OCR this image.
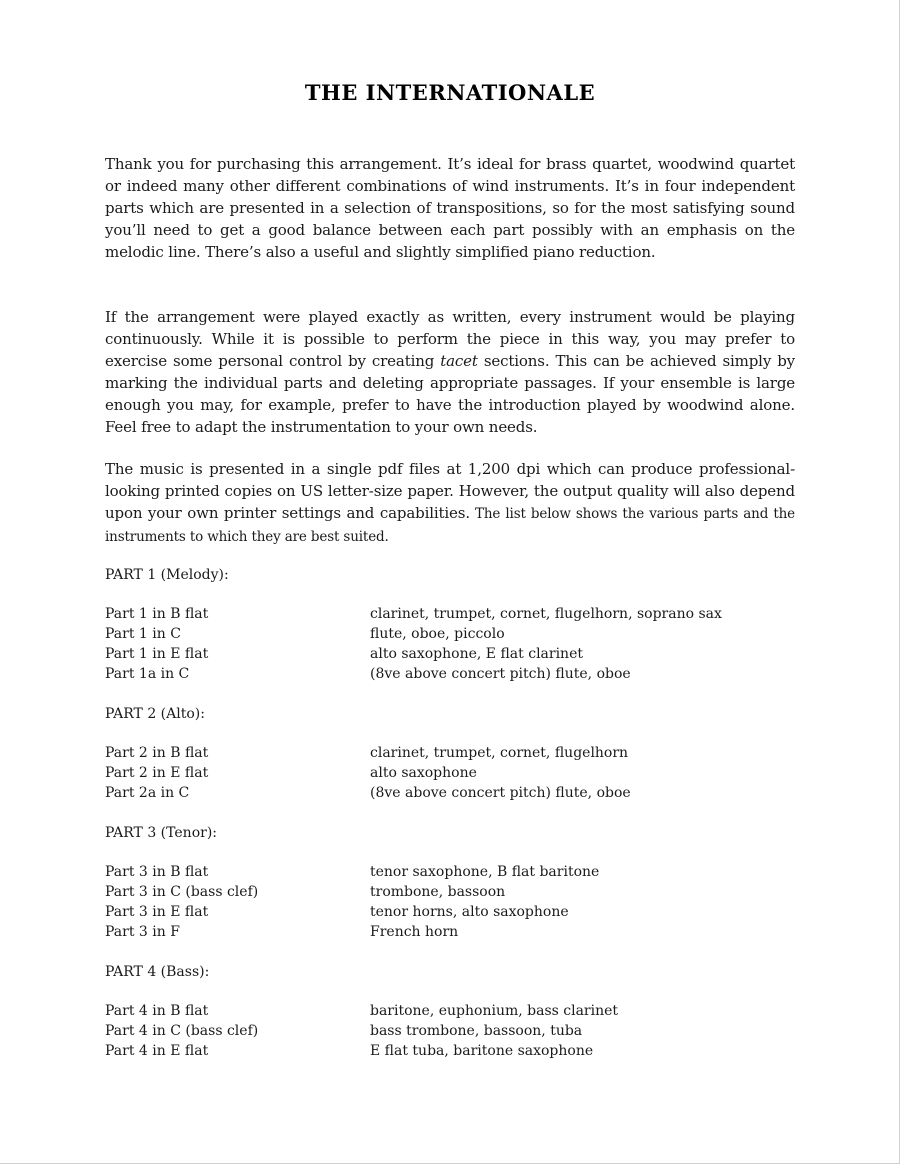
THE INTERNATIONALE

Thank you for purchasing this arrangement. It’s ideal for brass quartet, woodwind quartet or indeed many other different combinations of wind instruments. It’s in four independent parts which are presented in a selection of transpositions, so for the most satisfying sound you’ll need to get a good balance between each part possibly with an emphasis on the melodic line. There’s also a useful and slightly simplified piano reduction.

If the arrangement were played exactly as written, every instrument would be playing continuously. While it is possible to perform the piece in this way, you may prefer to exercise some personal control by creating tacet sections. This can be achieved simply by marking the individual parts and deleting appropriate passages. If your ensemble is large enough you may, for example, prefer to have the introduction played by woodwind alone. Feel free to adapt the instrumentation to your own needs.

The music is presented in a single pdf files at 1,200 dpi which can produce professional-looking printed copies on US letter-size paper. However, the output quality will also depend upon your own printer settings and capabilities. The list below shows the various parts and the instruments to which they are best suited.

PART 1 (Melody):
Part 1 in B flat	clarinet, trumpet, cornet, flugelhorn, soprano sax
Part 1 in C	flute, oboe, piccolo
Part 1 in E flat	alto saxophone, E flat clarinet
Part 1a in C	(8ve above concert pitch) flute, oboe
PART 2 (Alto):
Part 2 in B flat	clarinet, trumpet, cornet, flugelhorn
Part 2 in E flat	alto saxophone
Part 2a in C	(8ve above concert pitch) flute, oboe
PART 3 (Tenor):
Part 3 in B flat	tenor saxophone, B flat baritone
Part 3 in C (bass clef)	trombone, bassoon
Part 3 in E flat	tenor horns, alto saxophone
Part 3 in F	French horn
PART 4 (Bass):
Part 4 in B flat	baritone, euphonium, bass clarinet
Part 4 in C (bass clef)	bass trombone, bassoon, tuba
Part 4 in E flat	E flat tuba, baritone saxophone
